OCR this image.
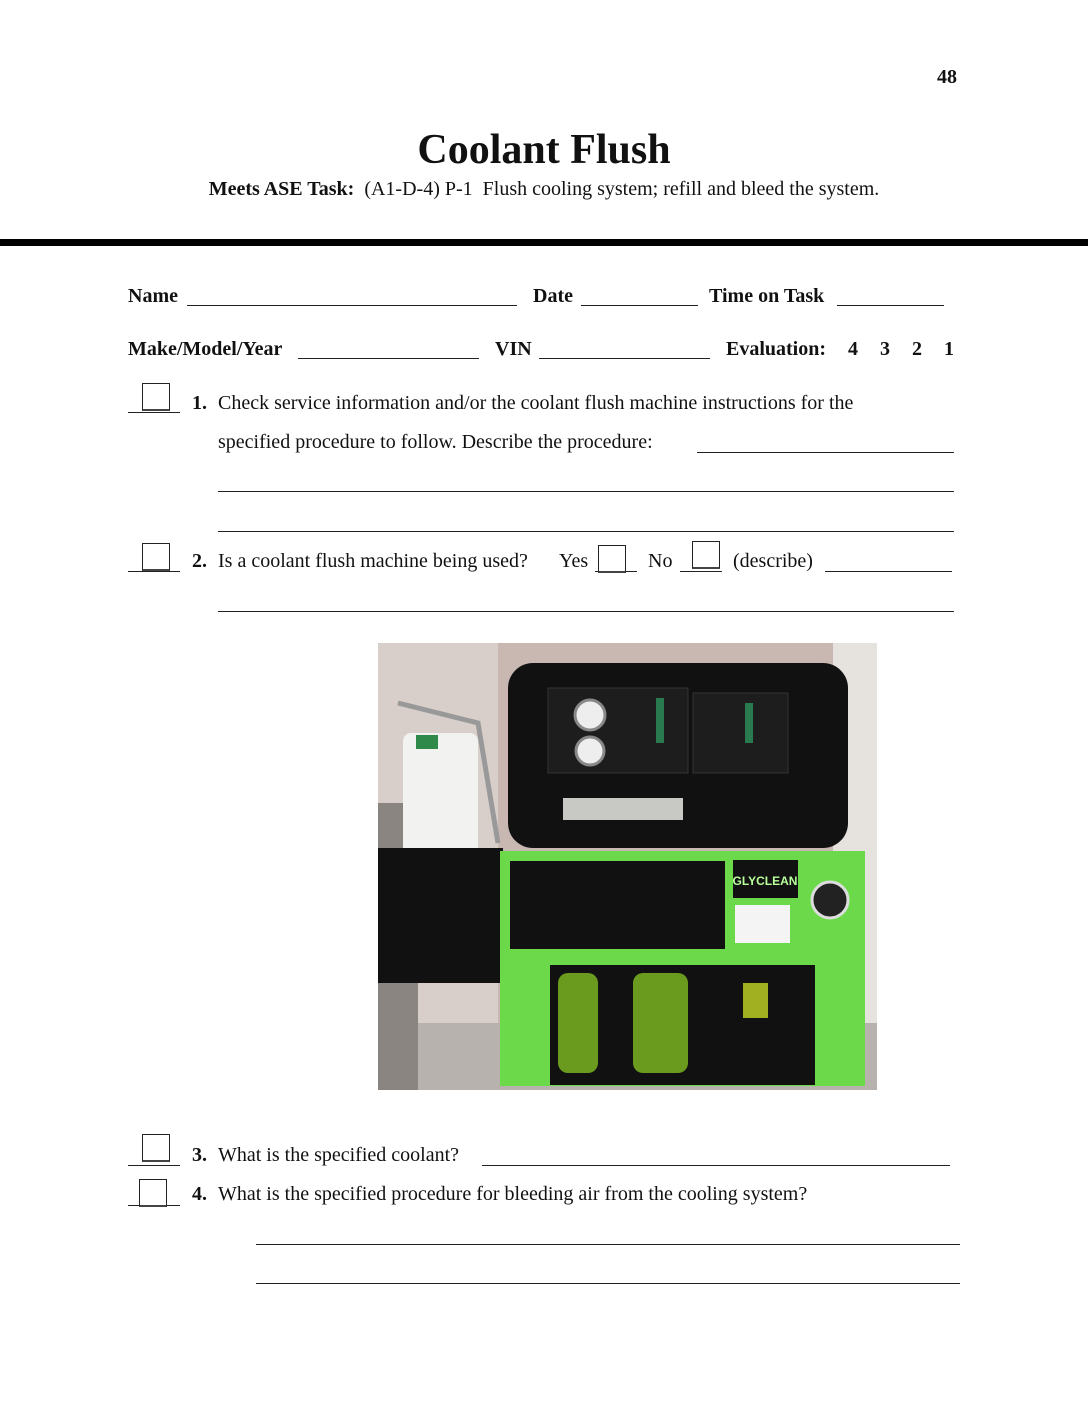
48
Coolant Flush
Meets ASE Task: (A1-D-4) P-1 Flush cooling system; refill and bleed the system.
Name	Date	Time on Task
Make/Model/Year	VIN	Evaluation: 4 3 2 1
1. Check service information and/or the coolant flush machine instructions for the
specified procedure to follow. Describe the procedure:
2. Is a coolant flush machine being used? Yes	No	(describe)
GLYCLEAN
3. What is the specified coolant?
4. What is the specified procedure for bleeding air from the cooling system?
